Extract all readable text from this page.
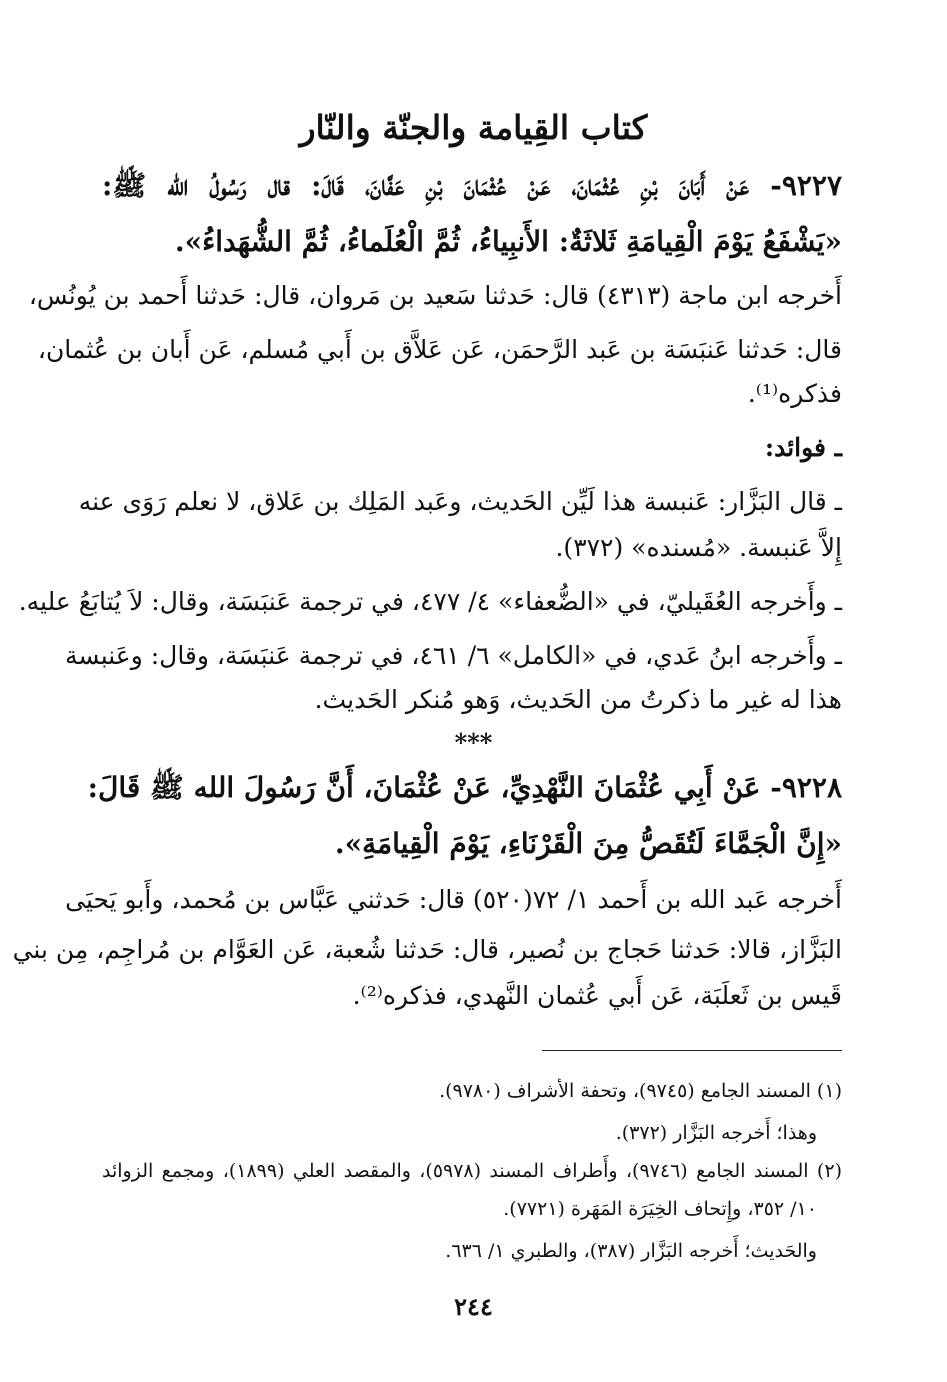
كتاب القِيامة والجنّة والنّار
٩٢٢٧- عَنْ أَبَانَ بْنِ عُثْمَانَ، عَنْ عُثْمَانَ بْنِ عَفَّانَ، قَالَ: قال رَسُولُ الله ﷺ:
«يَشْفَعُ يَوْمَ الْقِيامَةِ ثَلاثَةٌ: الأَنبِياءُ، ثُمَّ الْعُلَماءُ، ثُمَّ الشُّهَداءُ».
أَخرجه ابن ماجة (٤٣١٣) قال: حَدثنا سَعيد بن مَروان، قال: حَدثنا أَحمد بن يُونُس،
قال: حَدثنا عَنبَسَة بن عَبد الرَّحمَن، عَن عَلاَّق بن أَبي مُسلم، عَن أَبان بن عُثمان،
فذكره⁽¹⁾.
ـ فوائد:
ـ قال البَزَّار: عَنبسة هذا لَيِّن الحَديث، وعَبد المَلِك بن عَلاق، لا نعلم رَوَى عنه
إِلاَّ عَنبسة. «مُسنده» (٣٧٢).
ـ وأَخرجه العُقَيليّ، في «الضُّعفاء» ٤/ ٤٧٧، في ترجمة عَنبَسَة، وقال: لاَ يُتابَعُ عليه.
ـ وأَخرجه ابنُ عَدي، في «الكامل» ٦/ ٤٦١، في ترجمة عَنبَسَة، وقال: وعَنبسة
هذا له غير ما ذكرتُ من الحَديث، وَهو مُنكر الحَديث.
***
٩٢٢٨- عَنْ أَبِي عُثْمَانَ النَّهْدِيِّ، عَنْ عُثْمَانَ، أَنَّ رَسُولَ الله ﷺ قَالَ:
«إِنَّ الْجَمَّاءَ لَتُقَصُّ مِنَ الْقَرْنَاءِ، يَوْمَ الْقِيامَةِ».
أَخرجه عَبد الله بن أَحمد ١/ ٧٢(٥٢٠) قال: حَدثني عَبَّاس بن مُحمد، وأَبو يَحيَى
البَزَّاز، قالا: حَدثنا حَجاج بن نُصير، قال: حَدثنا شُعبة، عَن العَوَّام بن مُراجِم، مِن بني
قَيس بن ثَعلَبَة، عَن أَبي عُثمان النَّهدي، فذكره⁽²⁾.
(١) المسند الجامع (٩٧٤٥)، وتحفة الأشراف (٩٧٨٠).
وهذا؛ أَخرجه البَزَّار (٣٧٢).
(٢) المسند الجامع (٩٧٤٦)، وأَطراف المسند (٥٩٧٨)، والمقصد العلي (١٨٩٩)، ومجمع الزوائد
١٠/ ٣٥٢، وإِتحاف الخِيَرَة المَهَرة (٧٧٢١).
والحَديث؛ أَخرجه البَزَّار (٣٨٧)، والطبري ١/ ٦٣٦.
٢٤٤
